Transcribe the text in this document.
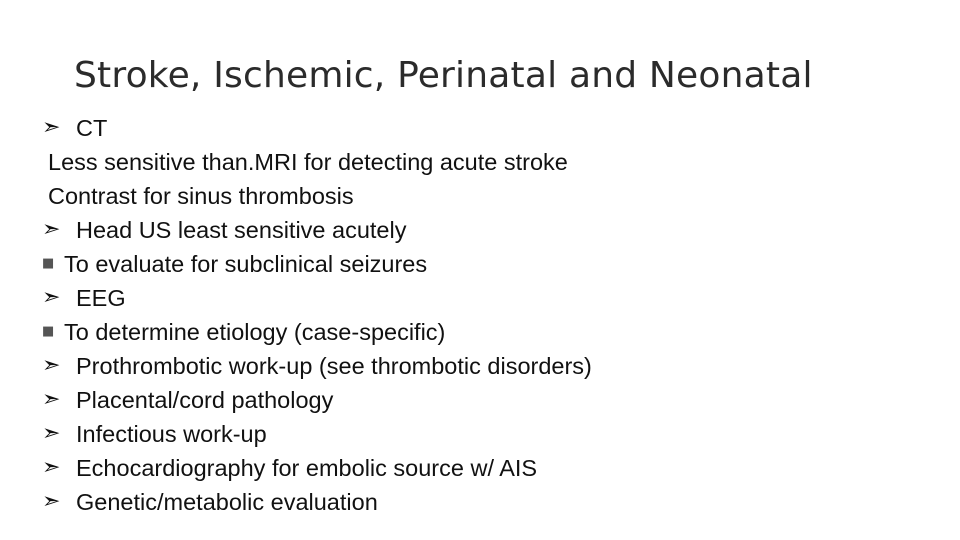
Stroke, Ischemic, Perinatal and Neonatal
➣ CT
Less sensitive than.MRI for detecting acute stroke
Contrast for sinus thrombosis
➣ Head US least sensitive acutely
■ To evaluate for subclinical seizures
➣ EEG
■ To determine etiology (case-specific)
➣ Prothrombotic work-up (see thrombotic disorders)
➣ Placental/cord pathology
➣ Infectious work-up
➣ Echocardiography for embolic source w/ AIS
➣ Genetic/metabolic evaluation
